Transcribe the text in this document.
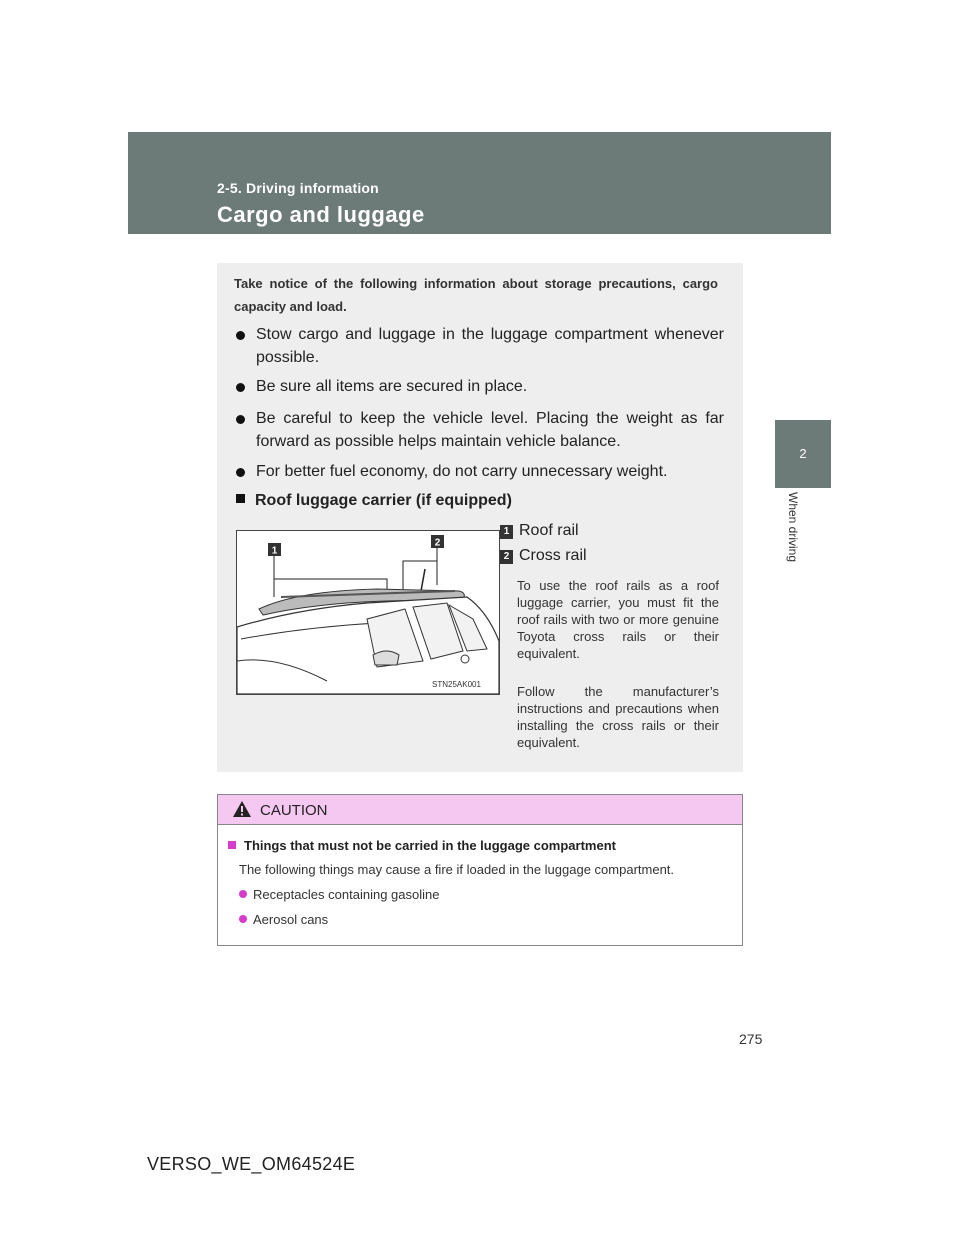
2-5. Driving information
Cargo and luggage
2
When driving
Take notice of the following information about storage precautions, cargo capacity and load.
Stow cargo and luggage in the luggage compartment whenever possible.
Be sure all items are secured in place.
Be careful to keep the vehicle level. Placing the weight as far forward as possible helps maintain vehicle balance.
For better fuel economy, do not carry unnecessary weight.
Roof luggage carrier (if equipped)
1
2
STN25AK001
1 Roof rail
2 Cross rail
To use the roof rails as a roof luggage carrier, you must fit the roof rails with two or more genuine Toyota cross rails or their equivalent.
Follow the manufacturer’s instructions and precautions when installing the cross rails or their equivalent.
CAUTION
Things that must not be carried in the luggage compartment
The following things may cause a fire if loaded in the luggage compartment.
Receptacles containing gasoline
Aerosol cans
275
VERSO_WE_OM64524E
